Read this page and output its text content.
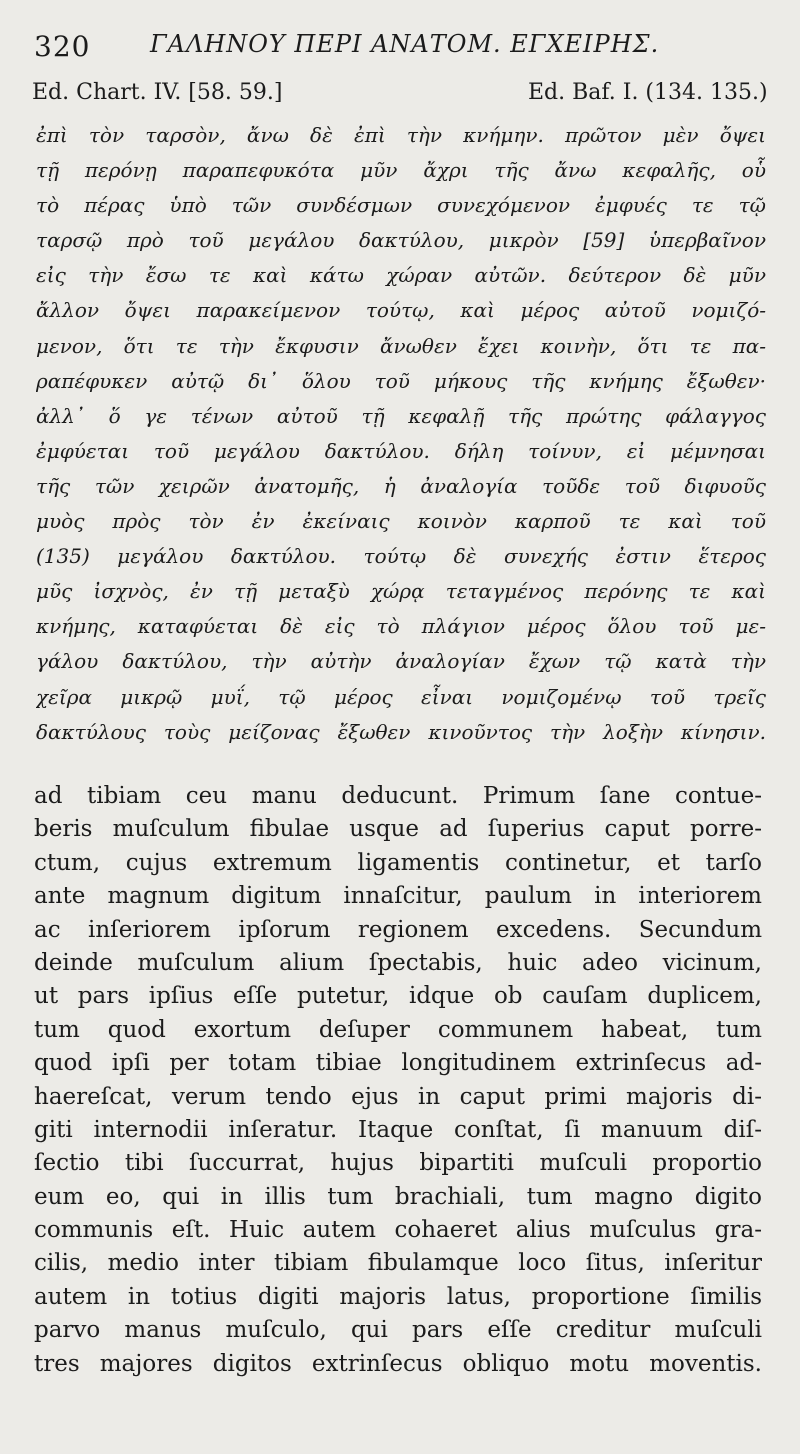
320 ΓΑΛΗΝΟΥ ΠΕΡΙ ΑΝΑΤΟΜ. ΕΓΧΕΙΡΗΣ.
Ed. Chart. IV. [58. 59.]	Ed. Baf. I. (134. 135.)
ἐπὶ τὸν ταρσὸν, ἄνω δὲ ἐπὶ τὴν κνήμην. πρῶτον μὲν ὄψει
τῇ περόνῃ παραπεφυκότα μῦν ἄχρι τῆς ἄνω κεφαλῆς, οὗ
τὸ πέρας ὑπὸ τῶν συνδέσμων συνεχόμενον ἐμφυές τε τῷ
ταρσῷ πρὸ τοῦ μεγάλου δακτύλου, μικρὸν [59] ὑπερβαῖνον
εἰς τὴν ἔσω τε καὶ κάτω χώραν αὐτῶν. δεύτερον δὲ μῦν
ἄλλον ὄψει παρακείμενον τούτῳ, καὶ μέρος αὐτοῦ νομιζό-
μενον, ὅτι τε τὴν ἔκφυσιν ἄνωθεν ἔχει κοινὴν, ὅτι τε πα-
ραπέφυκεν αὐτῷ δι᾽ ὅλου τοῦ μήκους τῆς κνήμης ἔξωθεν·
ἀλλ᾽ ὅ γε τένων αὐτοῦ τῇ κεφαλῇ τῆς πρώτης φάλαγγος
ἐμφύεται τοῦ μεγάλου δακτύλου. δήλη τοίνυν, εἰ μέμνησαι
τῆς τῶν χειρῶν ἀνατομῆς, ἡ ἀναλογία τοῦδε τοῦ διφυοῦς
μυὸς πρὸς τὸν ἐν ἐκείναις κοινὸν καρποῦ τε καὶ τοῦ
(135) μεγάλου δακτύλου. τούτῳ δὲ συνεχής ἐστιν ἕτερος
μῦς ἰσχνὸς, ἐν τῇ μεταξὺ χώρᾳ τεταγμένος περόνης τε καὶ
κνήμης, καταφύεται δὲ εἰς τὸ πλάγιον μέρος ὅλου τοῦ με-
γάλου δακτύλου, τὴν αὐτὴν ἀναλογίαν ἔχων τῷ κατὰ τὴν
χεῖρα μικρῷ μυΐ, τῷ μέρος εἶναι νομιζομένῳ τοῦ τρεῖς
δακτύλους τοὺς μείζονας ἔξωθεν κινοῦντος τὴν λοξὴν κίνησιν.
ad tibiam ceu manu deducunt. Primum ſane contue-
beris muſculum fibulae usque ad ſuperius caput porre-
ctum, cujus extremum ligamentis continetur, et tarſo
ante magnum digitum innaſcitur, paulum in interiorem
ac inſeriorem ipſorum regionem excedens. Secundum
deinde muſculum alium ſpectabis, huic adeo vicinum,
ut pars ipſius eſſe putetur, idque ob cauſam duplicem,
tum quod exortum deſuper communem habeat, tum
quod ipſi per totam tibiae longitudinem extrinſecus ad-
haereſcat, verum tendo ejus in caput primi majoris di-
giti internodii inſeratur. Itaque conſtat, ſi manuum diſ-
ſectio tibi ſuccurrat, hujus bipartiti muſculi proportio
eum eo, qui in illis tum brachiali, tum magno digito
communis eſt. Huic autem cohaeret alius muſculus gra-
cilis, medio inter tibiam fibulamque loco ſitus, inſeritur
autem in totius digiti majoris latus, proportione ſimilis
parvo manus muſculo, qui pars eſſe creditur muſculi
tres majores digitos extrinſecus obliquo motu moventis.
